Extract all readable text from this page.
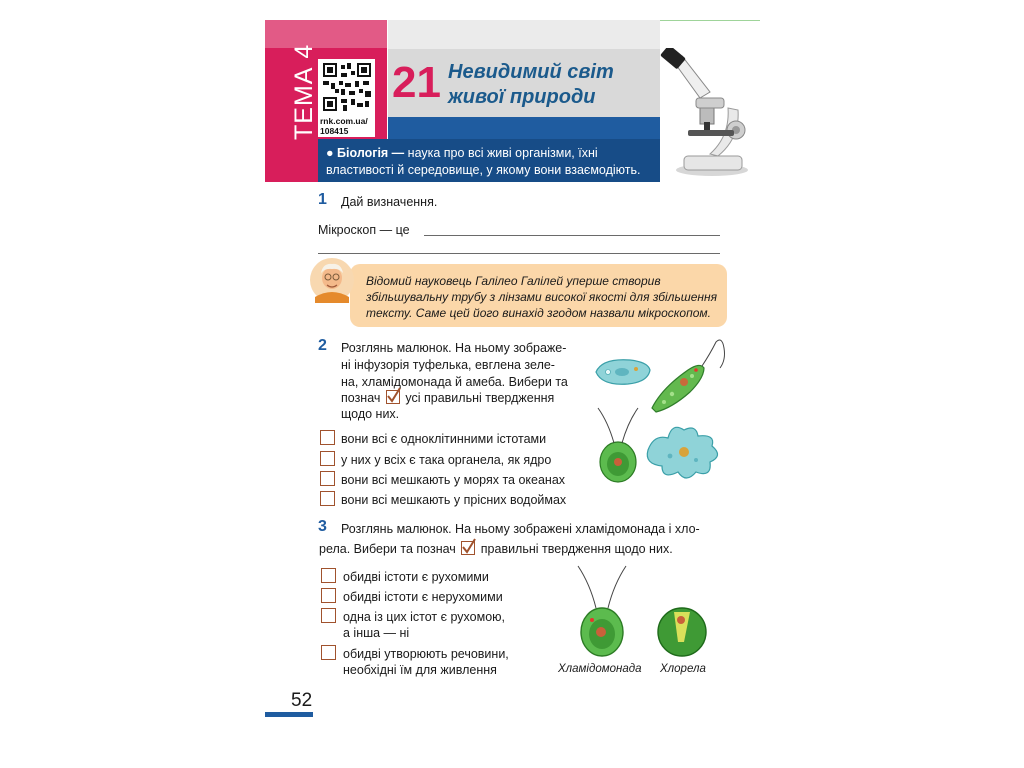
ТЕМА 4 rnk.com.ua/
108415
21 Невидимий світ
живої природи
● Біологія — наука про всі живі організми, їхні властивості й середовище, у якому вони взаємодіють.
1 Дай визначення.
Мікроскоп — це
Відомий науковець Галілео Галілей уперше створив збільшувальну трубу з лінзами високої якості для збільшення тексту. Саме цей його винахід згодом назвали мікроскопом.
2 Розглянь малюнок. На ньому зображе-
ні інфузорія туфелька, евглена зеле-
на, хламідомонада й амеба. Вибери та
познач усі правильні твердження
щодо них.
вони всі є одноклітинними істотами
у них у всіх є така органела, як ядро
вони всі мешкають у морях та океанах
вони всі мешкають у прісних водоймах
3 Розглянь малюнок. На ньому зображені хламідомонада і хло-
рела. Вибери та познач правильні твердження щодо них.
обидві істоти є рухомими
обидві істоти є нерухомими
одна із цих істот є рухомою,
а інша — ні
обидві утворюють речовини,
необхідні їм для живлення	Хламідомонада Хлорела
52
